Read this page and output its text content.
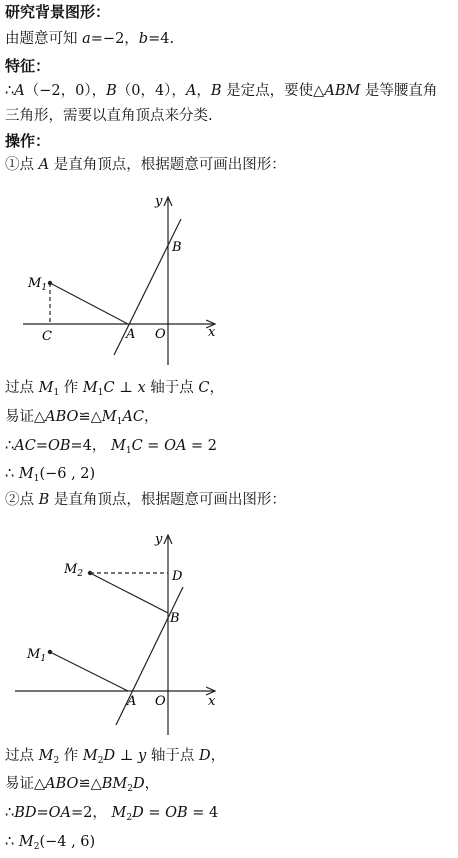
研究背景图形：
由题意可知 a=−2，b=4.
特征：
∴A（−2，0），B（0，4），A，B 是定点，要使△ABM 是等腰直角
三角形，需要以直角顶点来分类.
操作：
①点 A 是直角顶点，根据题意可画出图形：
y
x
B
$M_1$
C	A O
过点 $M_1$ 作 $M_1C$ ⊥ x 轴于点 C，
易证$\triangle ABO≌\triangle M_1AC$，
∴AC=OB=4， $M_1C$ = OA = 2
∴ $M_1(-6$ , 2)
②点 B 是直角顶点，根据题意可画出图形：
y
x
D
B
$M_2$
$M_1$
A O
过点 $M_2$ 作 $M_2D$ ⊥ y 轴于点 D，
易证$\triangle ABO≌\triangle BM_2D$，
∴BD=OA=2， $M_2D$ = OB = 4
∴ $M_2(-4$ , 6)
